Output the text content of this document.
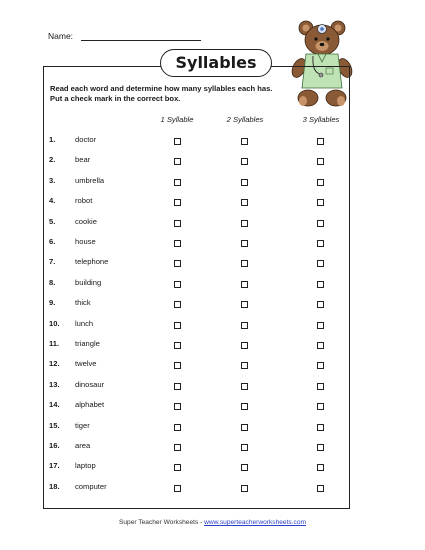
Name:
Syllables
Read each word and determine how many syllables each has. Put a check mark in the correct box.
1 Syllable	2 Syllables	3 Syllables
1.	doctor
2.	bear
3.	umbrella
4.	robot
5.	cookie
6.	house
7.	telephone
8.	building
9.	thick
10. lunch
11. triangle
12. twelve
13. dinosaur
14. alphabet
15. tiger
16. area
17. laptop
18. computer
Super Teacher Worksheets - www.superteacherworksheets.com
